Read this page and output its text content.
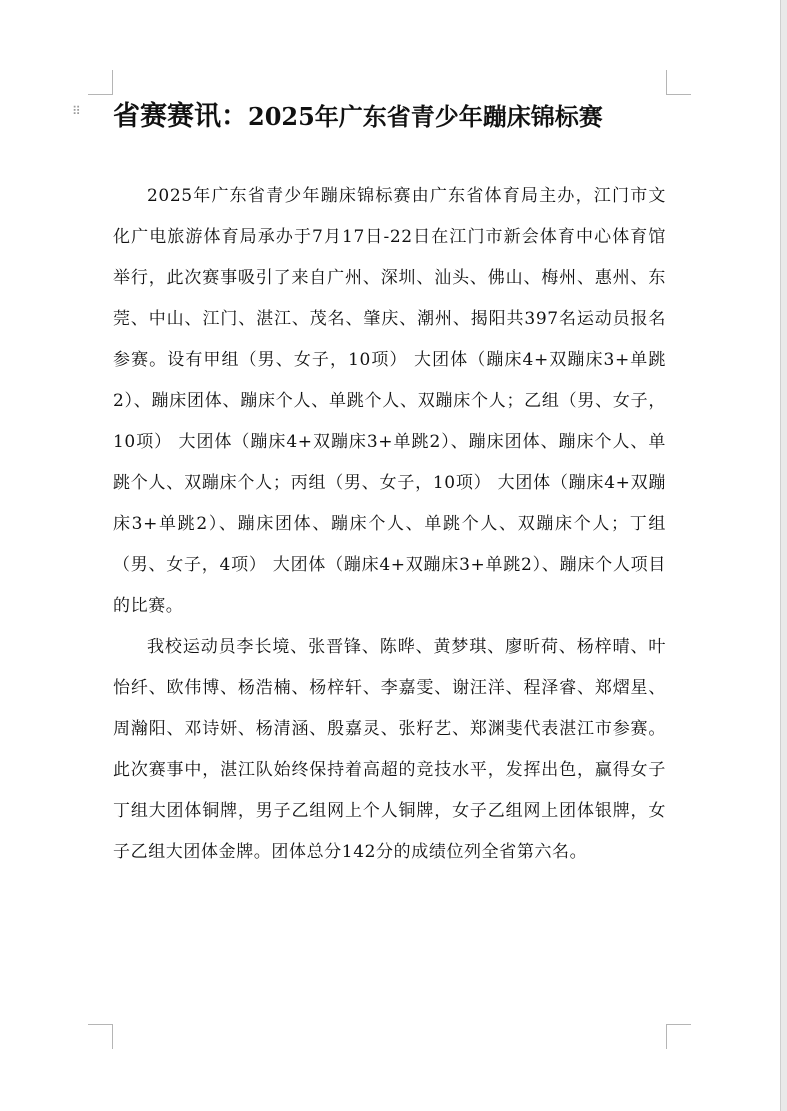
⠿ 省赛赛讯：2025年广东省青少年蹦床锦标赛

2025年广东省青少年蹦床锦标赛由广东省体育局主办，江门市文化广电旅游体育局承办于7月17日-22日在江门市新会体育中心体育馆举行，此次赛事吸引了来自广州、深圳、汕头、佛山、梅州、惠州、东莞、中山、江门、湛江、茂名、肇庆、潮州、揭阳共397名运动员报名参赛。设有甲组（男、女子，10项） 大团体（蹦床4+双蹦床3+单跳2）、蹦床团体、蹦床个人、单跳个人、双蹦床个人；乙组（男、女子，10项） 大团体（蹦床4+双蹦床3+单跳2）、蹦床团体、蹦床个人、单跳个人、双蹦床个人；丙组（男、女子，10项） 大团体（蹦床4+双蹦床3+单跳2）、蹦床团体、蹦床个人、单跳个人、双蹦床个人；丁组（男、女子，4项） 大团体（蹦床4+双蹦床3+单跳2）、蹦床个人项目的比赛。

我校运动员李长境、张晋锋、陈晔、黄梦琪、廖昕荷、杨梓晴、叶怡纤、欧伟博、杨浩楠、杨梓轩、李嘉雯、谢汪洋、程泽睿、郑熠星、周瀚阳、邓诗妍、杨清涵、殷嘉灵、张籽艺、郑渊斐代表湛江市参赛。此次赛事中，湛江队始终保持着高超的竞技水平，发挥出色，赢得女子丁组大团体铜牌，男子乙组网上个人铜牌，女子乙组网上团体银牌，女子乙组大团体金牌。团体总分142分的成绩位列全省第六名。
